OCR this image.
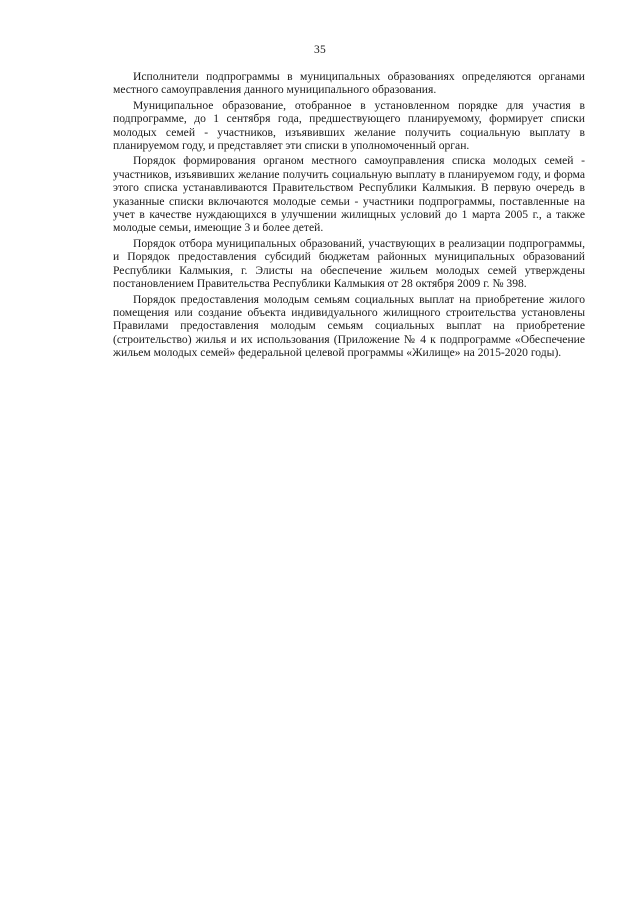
35

Исполнители подпрограммы в муниципальных образованиях определяются органами местного самоуправления данного муниципального образования.

Муниципальное образование, отобранное в установленном порядке для участия в подпрограмме, до 1 сентября года, предшествующего планируемому, формирует списки молодых семей - участников, изъявивших желание получить социальную выплату в планируемом году, и представляет эти списки в уполномоченный орган.

Порядок формирования органом местного самоуправления списка молодых семей - участников, изъявивших желание получить социальную выплату в планируемом году, и форма этого списка устанавливаются Правительством Республики Калмыкия. В первую очередь в указанные списки включаются молодые семьи - участники подпрограммы, поставленные на учет в качестве нуждающихся в улучшении жилищных условий до 1 марта 2005 г., а также молодые семьи, имеющие 3 и более детей.

Порядок отбора муниципальных образований, участвующих в реализации подпрограммы, и Порядок предоставления субсидий бюджетам районных муниципальных образований Республики Калмыкия, г. Элисты на обеспечение жильем молодых семей утверждены постановлением Правительства Республики Калмыкия от 28 октября 2009 г. № 398.

Порядок предоставления молодым семьям социальных выплат на приобретение жилого помещения или создание объекта индивидуального жилищного строительства установлены Правилами предоставления молодым семьям социальных выплат на приобретение (строительство) жилья и их использования (Приложение № 4 к подпрограмме «Обеспечение жильем молодых семей» федеральной целевой программы «Жилище» на 2015-2020 годы).
